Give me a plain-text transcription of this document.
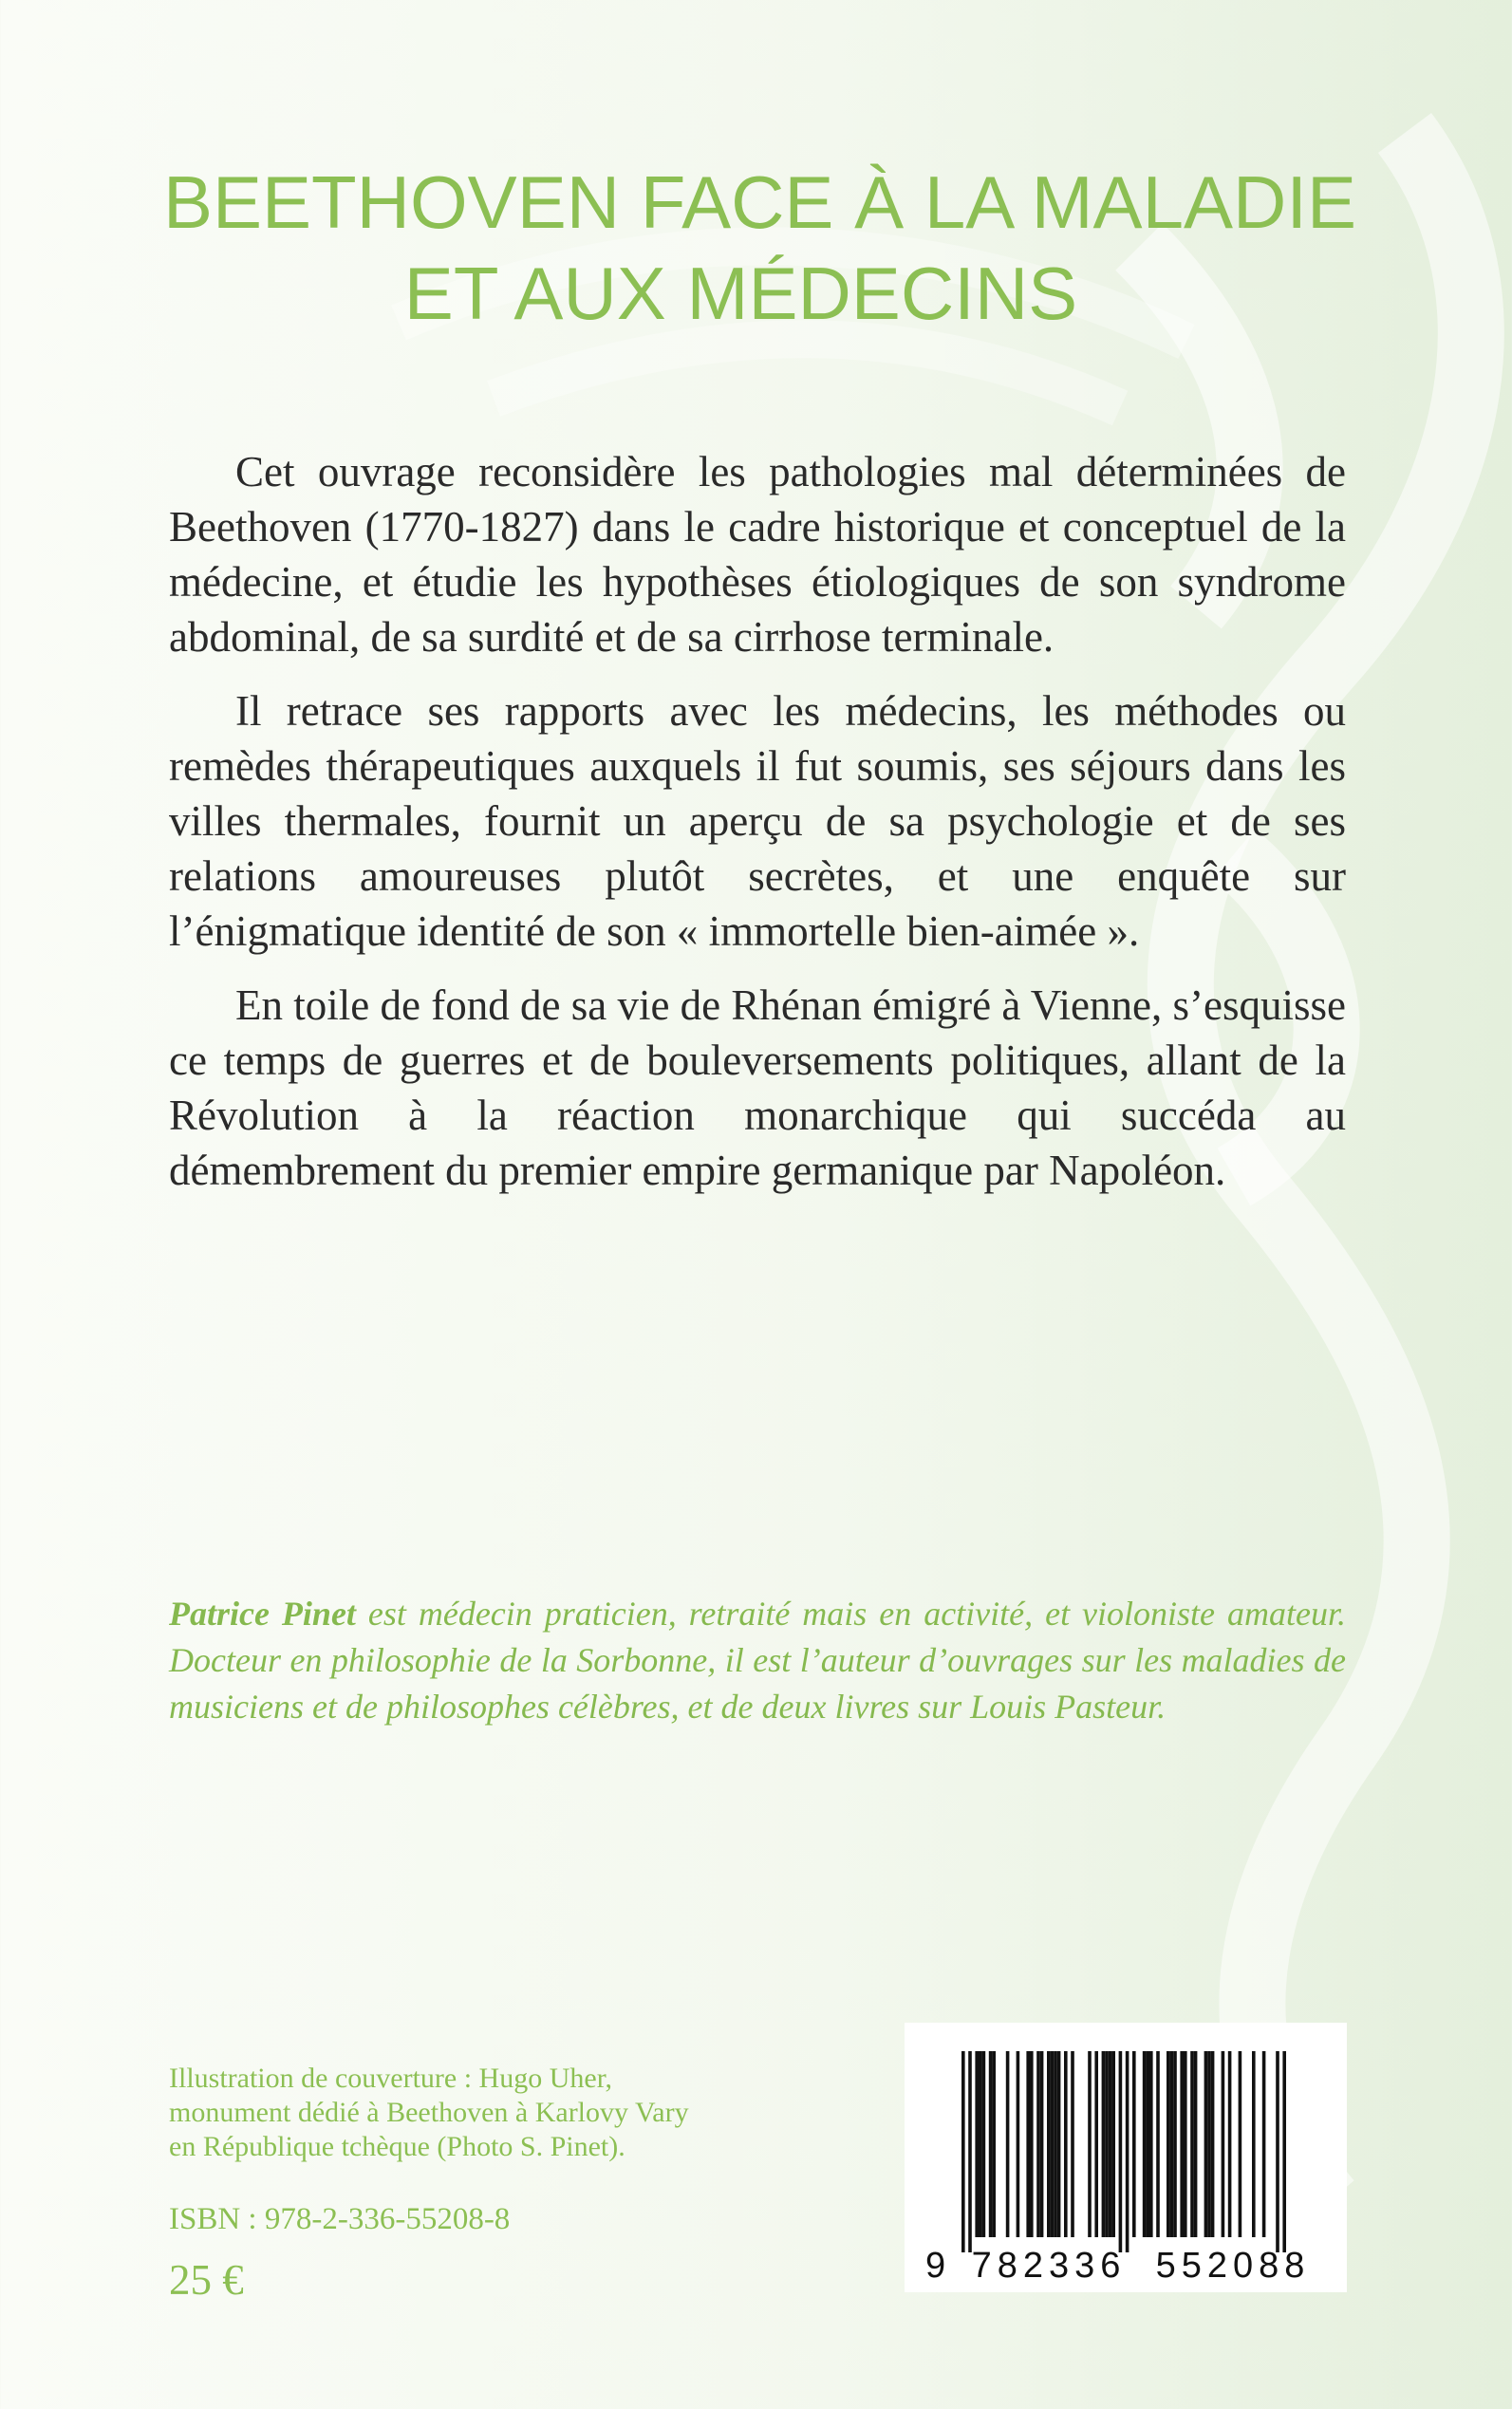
BEETHOVEN FACE À LA MALADIE
ET AUX MÉDECINS

Cet ouvrage reconsidère les pathologies mal déterminées de Beethoven (1770-1827) dans le cadre historique et conceptuel de la médecine, et étudie les hypothèses étiologiques de son syndrome abdominal, de sa surdité et de sa cirrhose terminale.

Il retrace ses rapports avec les médecins, les méthodes ou remèdes thérapeutiques auxquels il fut soumis, ses séjours dans les villes thermales, fournit un aperçu de sa psychologie et de ses relations amoureuses plutôt secrètes, et une enquête sur l’énigmatique identité de son « immortelle bien-aimée ».

En toile de fond de sa vie de Rhénan émigré à Vienne, s’esquisse ce temps de guerres et de bouleversements politiques, allant de la Révolution à la réaction monarchique qui succéda au démembrement du premier empire germanique par Napoléon.

Patrice Pinet est médecin praticien, retraité mais en activité, et violoniste amateur. Docteur en philosophie de la Sorbonne, il est l’auteur d’ouvrages sur les maladies de musiciens et de philosophes célèbres, et de deux livres sur Louis Pasteur.
Illustration de couverture : Hugo Uher,
monument dédié à Beethoven à Karlovy Vary
en République tchèque (Photo S. Pinet).
ISBN : 978-2-336-55208-8
25 €	9 782336 552088
